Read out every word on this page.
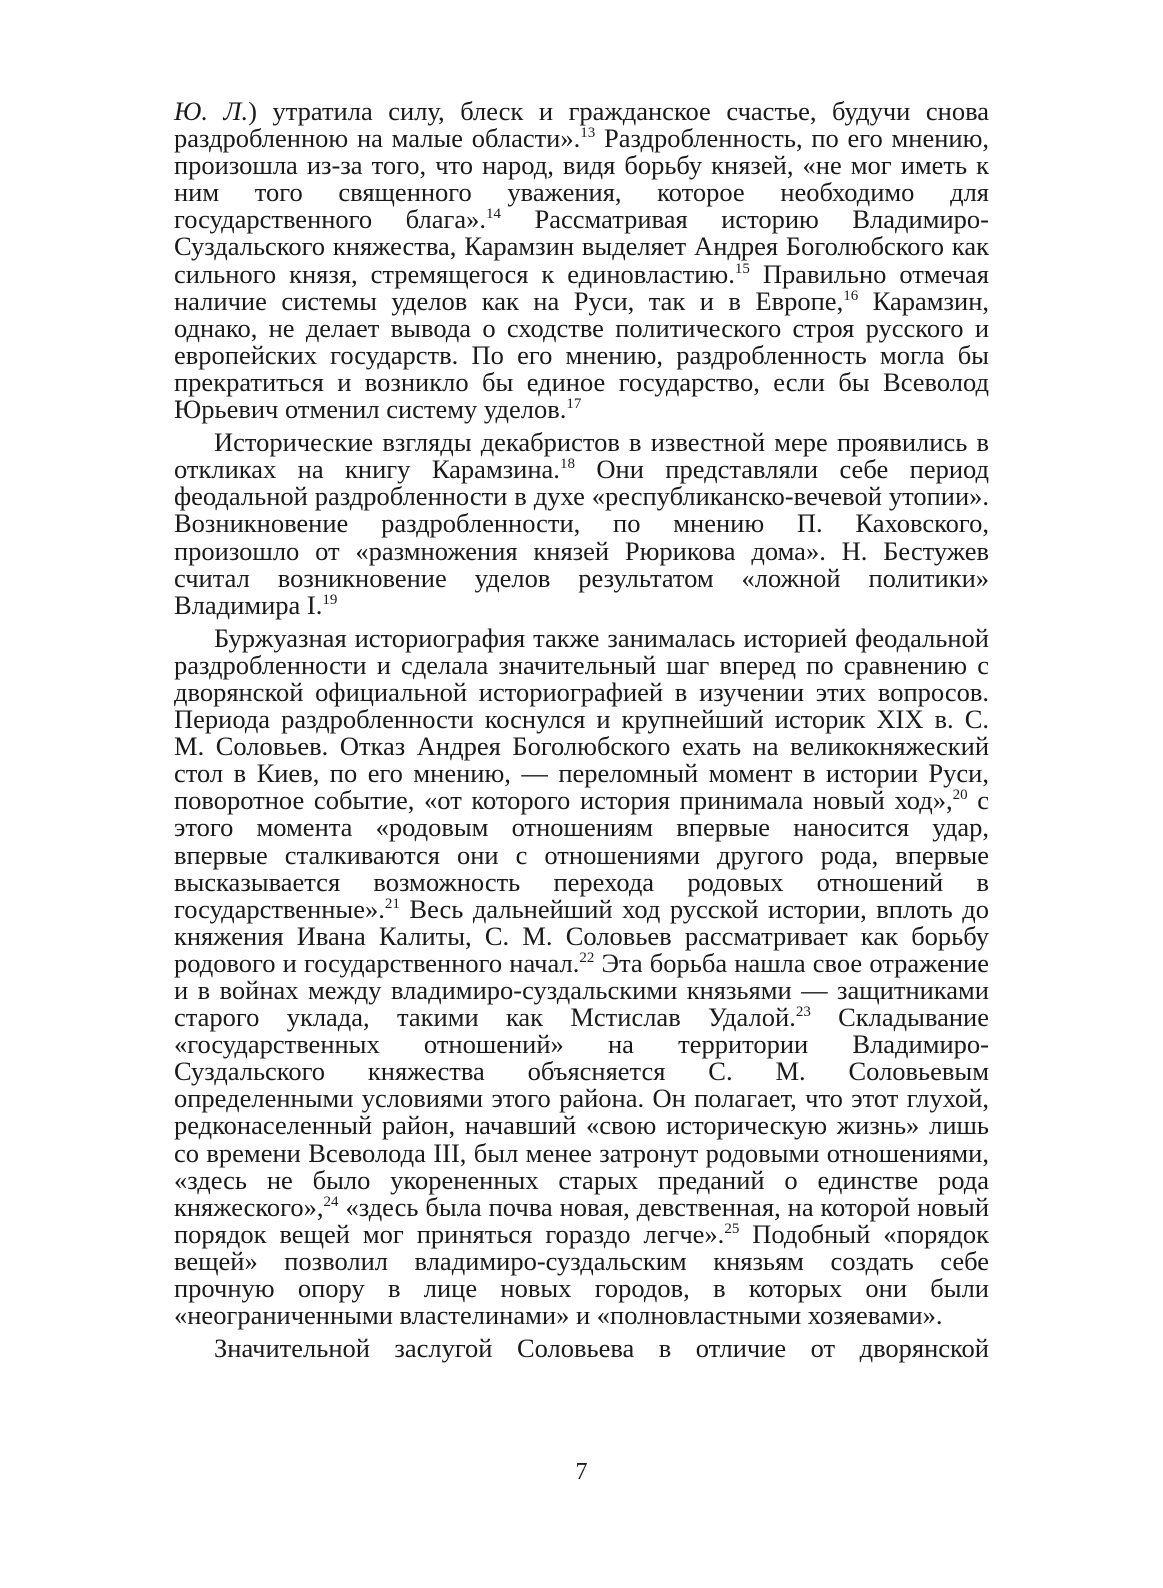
Ю. Л.) утратила силу, блеск и гражданское счастье, будучи снова раздробленною на малые области».$^{13}$ Раздробленность, по его мнению, произошла из-за того, что народ, видя борьбу князей, «не мог иметь к ним того священного уважения, которое необходимо для государственного блага».$^{14}$ Рассматривая историю Владимиро-Суздальского княжества, Карамзин выделяет Андрея Боголюбского как сильного князя, стремящегося к единовластию.$^{15}$ Правильно отмечая наличие системы уделов как на Руси, так и в Европе,$^{16}$ Карамзин, однако, не делает вывода о сходстве политического строя русского и европейских государств. По его мнению, раздробленность могла бы прекратиться и возникло бы единое государство, если бы Всеволод Юрьевич отменил систему уделов.$^{17}$

Исторические взгляды декабристов в известной мере проявились в откликах на книгу Карамзина.$^{18}$ Они представляли себе период феодальной раздробленности в духе «республиканско-вечевой утопии». Возникновение раздробленности, по мнению П. Каховского, произошло от «размножения князей Рюрикова дома». Н. Бестужев считал возникновение уделов результатом «ложной политики» Владимира I.$^{19}$

Буржуазная историография также занималась историей феодальной раздробленности и сделала значительный шаг вперед по сравнению с дворянской официальной историографией в изучении этих вопросов. Периода раздробленности коснулся и крупнейший историк XIX в. С. М. Соловьев. Отказ Андрея Боголюбского ехать на великокняжеский стол в Киев, по его мнению, — переломный момент в истории Руси, поворотное событие, «от которого история принимала новый ход»,$^{20}$ с этого момента «родовым отношениям впервые наносится удар, впервые сталкиваются они с отношениями другого рода, впервые высказывается возможность перехода родовых отношений в государственные».$^{21}$ Весь дальнейший ход русской истории, вплоть до княжения Ивана Калиты, С. М. Соловьев рассматривает как борьбу родового и государственного начал.$^{22}$ Эта борьба нашла свое отражение и в войнах между владимиро-суздальскими князьями — защитниками старого уклада, такими как Мстислав Удалой.$^{23}$ Складывание «государственных отношений» на территории Владимиро-Суздальского княжества объясняется С. М. Соловьевым определенными условиями этого района. Он полагает, что этот глухой, редконаселенный район, начавший «свою историческую жизнь» лишь со времени Всеволода III, был менее затронут родовыми отношениями, «здесь не было укорененных старых преданий о единстве рода княжеского»,$^{24}$ «здесь была почва новая, девственная, на которой новый порядок вещей мог приняться гораздо легче».$^{25}$ Подобный «порядок вещей» позволил владимиро-суздальским князьям создать себе прочную опору в лице новых городов, в которых они были «неограниченными властелинами» и «полновластными хозяевами».

Значительной заслугой Соловьева в отличие от дворянской

7
